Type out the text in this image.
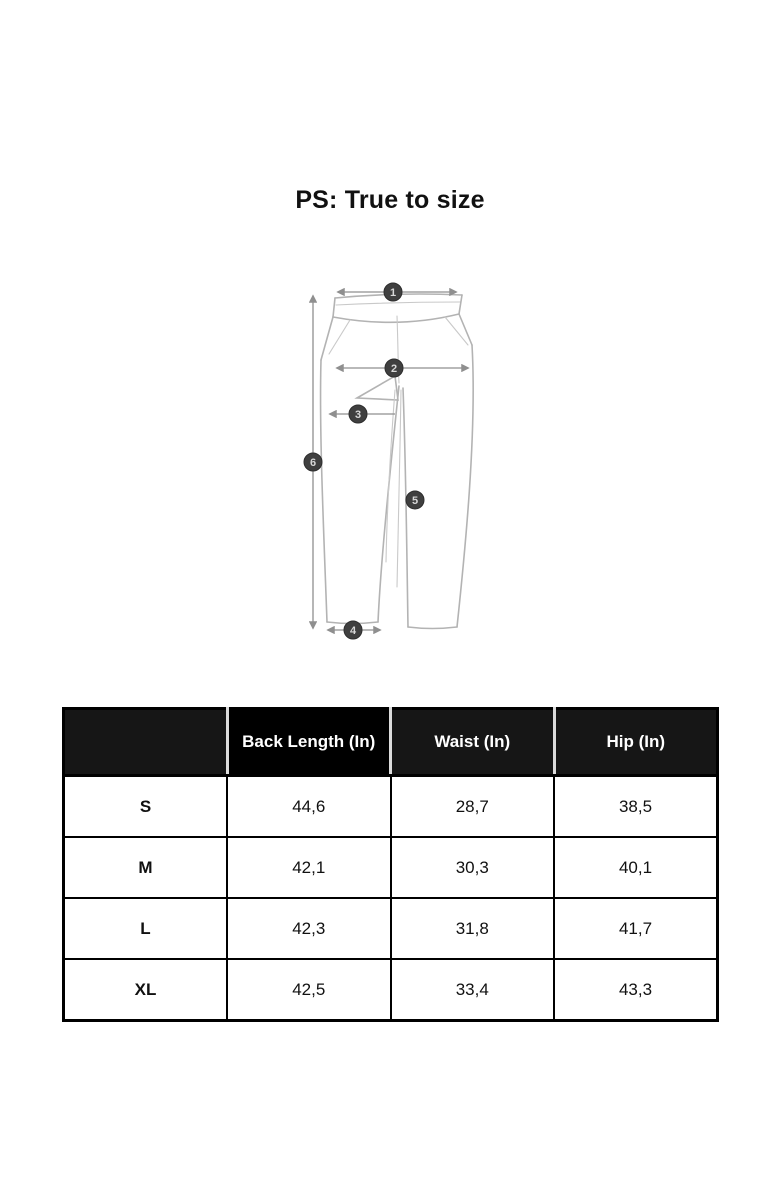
PS: True to size
1
2
3
4
5
6
	Back Length (In)	Waist (In)	Hip (In)
S	44,6	28,7	38,5
M	42,1	30,3	40,1
L	42,3	31,8	41,7
XL	42,5	33,4	43,3
